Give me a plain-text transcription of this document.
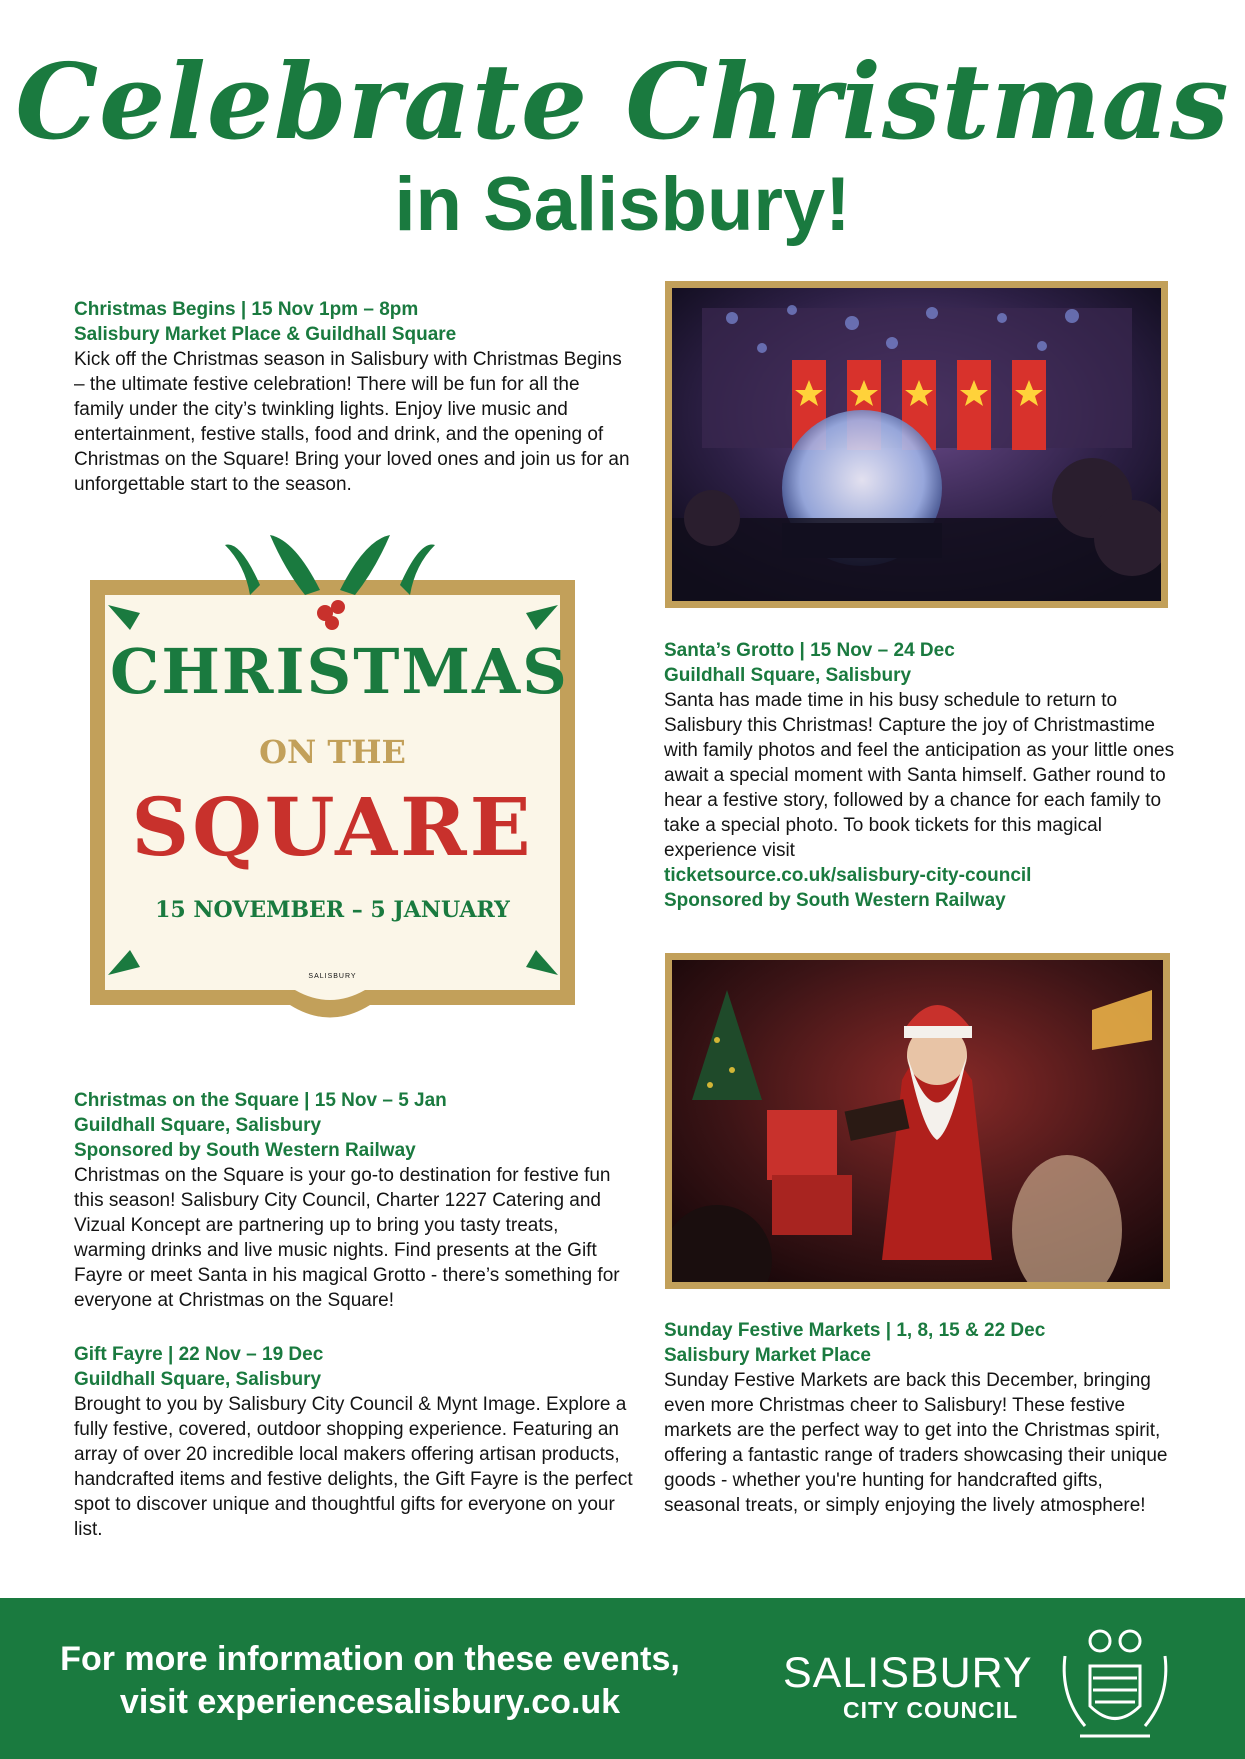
Celebrate Christmas
in Salisbury!
Christmas Begins | 15 Nov 1pm – 8pm
Salisbury Market Place & Guildhall Square
Kick off the Christmas season in Salisbury with Christmas Begins – the ultimate festive celebration! There will be fun for all the family under the city’s twinkling lights. Enjoy live music and entertainment, festive stalls, food and drink, and the opening of Christmas on the Square! Bring your loved ones and join us for an unforgettable start to the season.
CHRISTMAS
ON THE
SQUARE
15 NOVEMBER – 5 JANUARY
SALISBURY
Santa’s Grotto | 15 Nov – 24 Dec
Guildhall Square, Salisbury
Santa has made time in his busy schedule to return to Salisbury this Christmas! Capture the joy of Christmastime with family photos and feel the anticipation as your little ones await a special moment with Santa himself. Gather round to hear a festive story, followed by a chance for each family to take a special photo. To book tickets for this magical experience visit
ticketsource.co.uk/salisbury-city-council
Sponsored by South Western Railway
Christmas on the Square | 15 Nov – 5 Jan
Guildhall Square, Salisbury
Sponsored by South Western Railway
Christmas on the Square is your go-to destination for festive fun this season! Salisbury City Council, Charter 1227 Catering and Vizual Koncept are partnering up to bring you tasty treats, warming drinks and live music nights. Find presents at the Gift Fayre or meet Santa in his magical Grotto - there’s something for everyone at Christmas on the Square!
Gift Fayre | 22 Nov – 19 Dec
Guildhall Square, Salisbury
Brought to you by Salisbury City Council & Mynt Image. Explore a fully festive, covered, outdoor shopping experience. Featuring an array of over 20 incredible local makers offering artisan products, handcrafted items and festive delights, the Gift Fayre is the perfect spot to discover unique and thoughtful gifts for everyone on your list.
Sunday Festive Markets | 1, 8, 15 & 22 Dec
Salisbury Market Place
Sunday Festive Markets are back this December, bringing even more Christmas cheer to Salisbury! These festive markets are the perfect way to get into the Christmas spirit, offering a fantastic range of traders showcasing their unique goods - whether you're hunting for handcrafted gifts, seasonal treats, or simply enjoying the lively atmosphere!
For more information on these events,
visit experiencesalisbury.co.uk
SALISBURY
CITY COUNCIL
